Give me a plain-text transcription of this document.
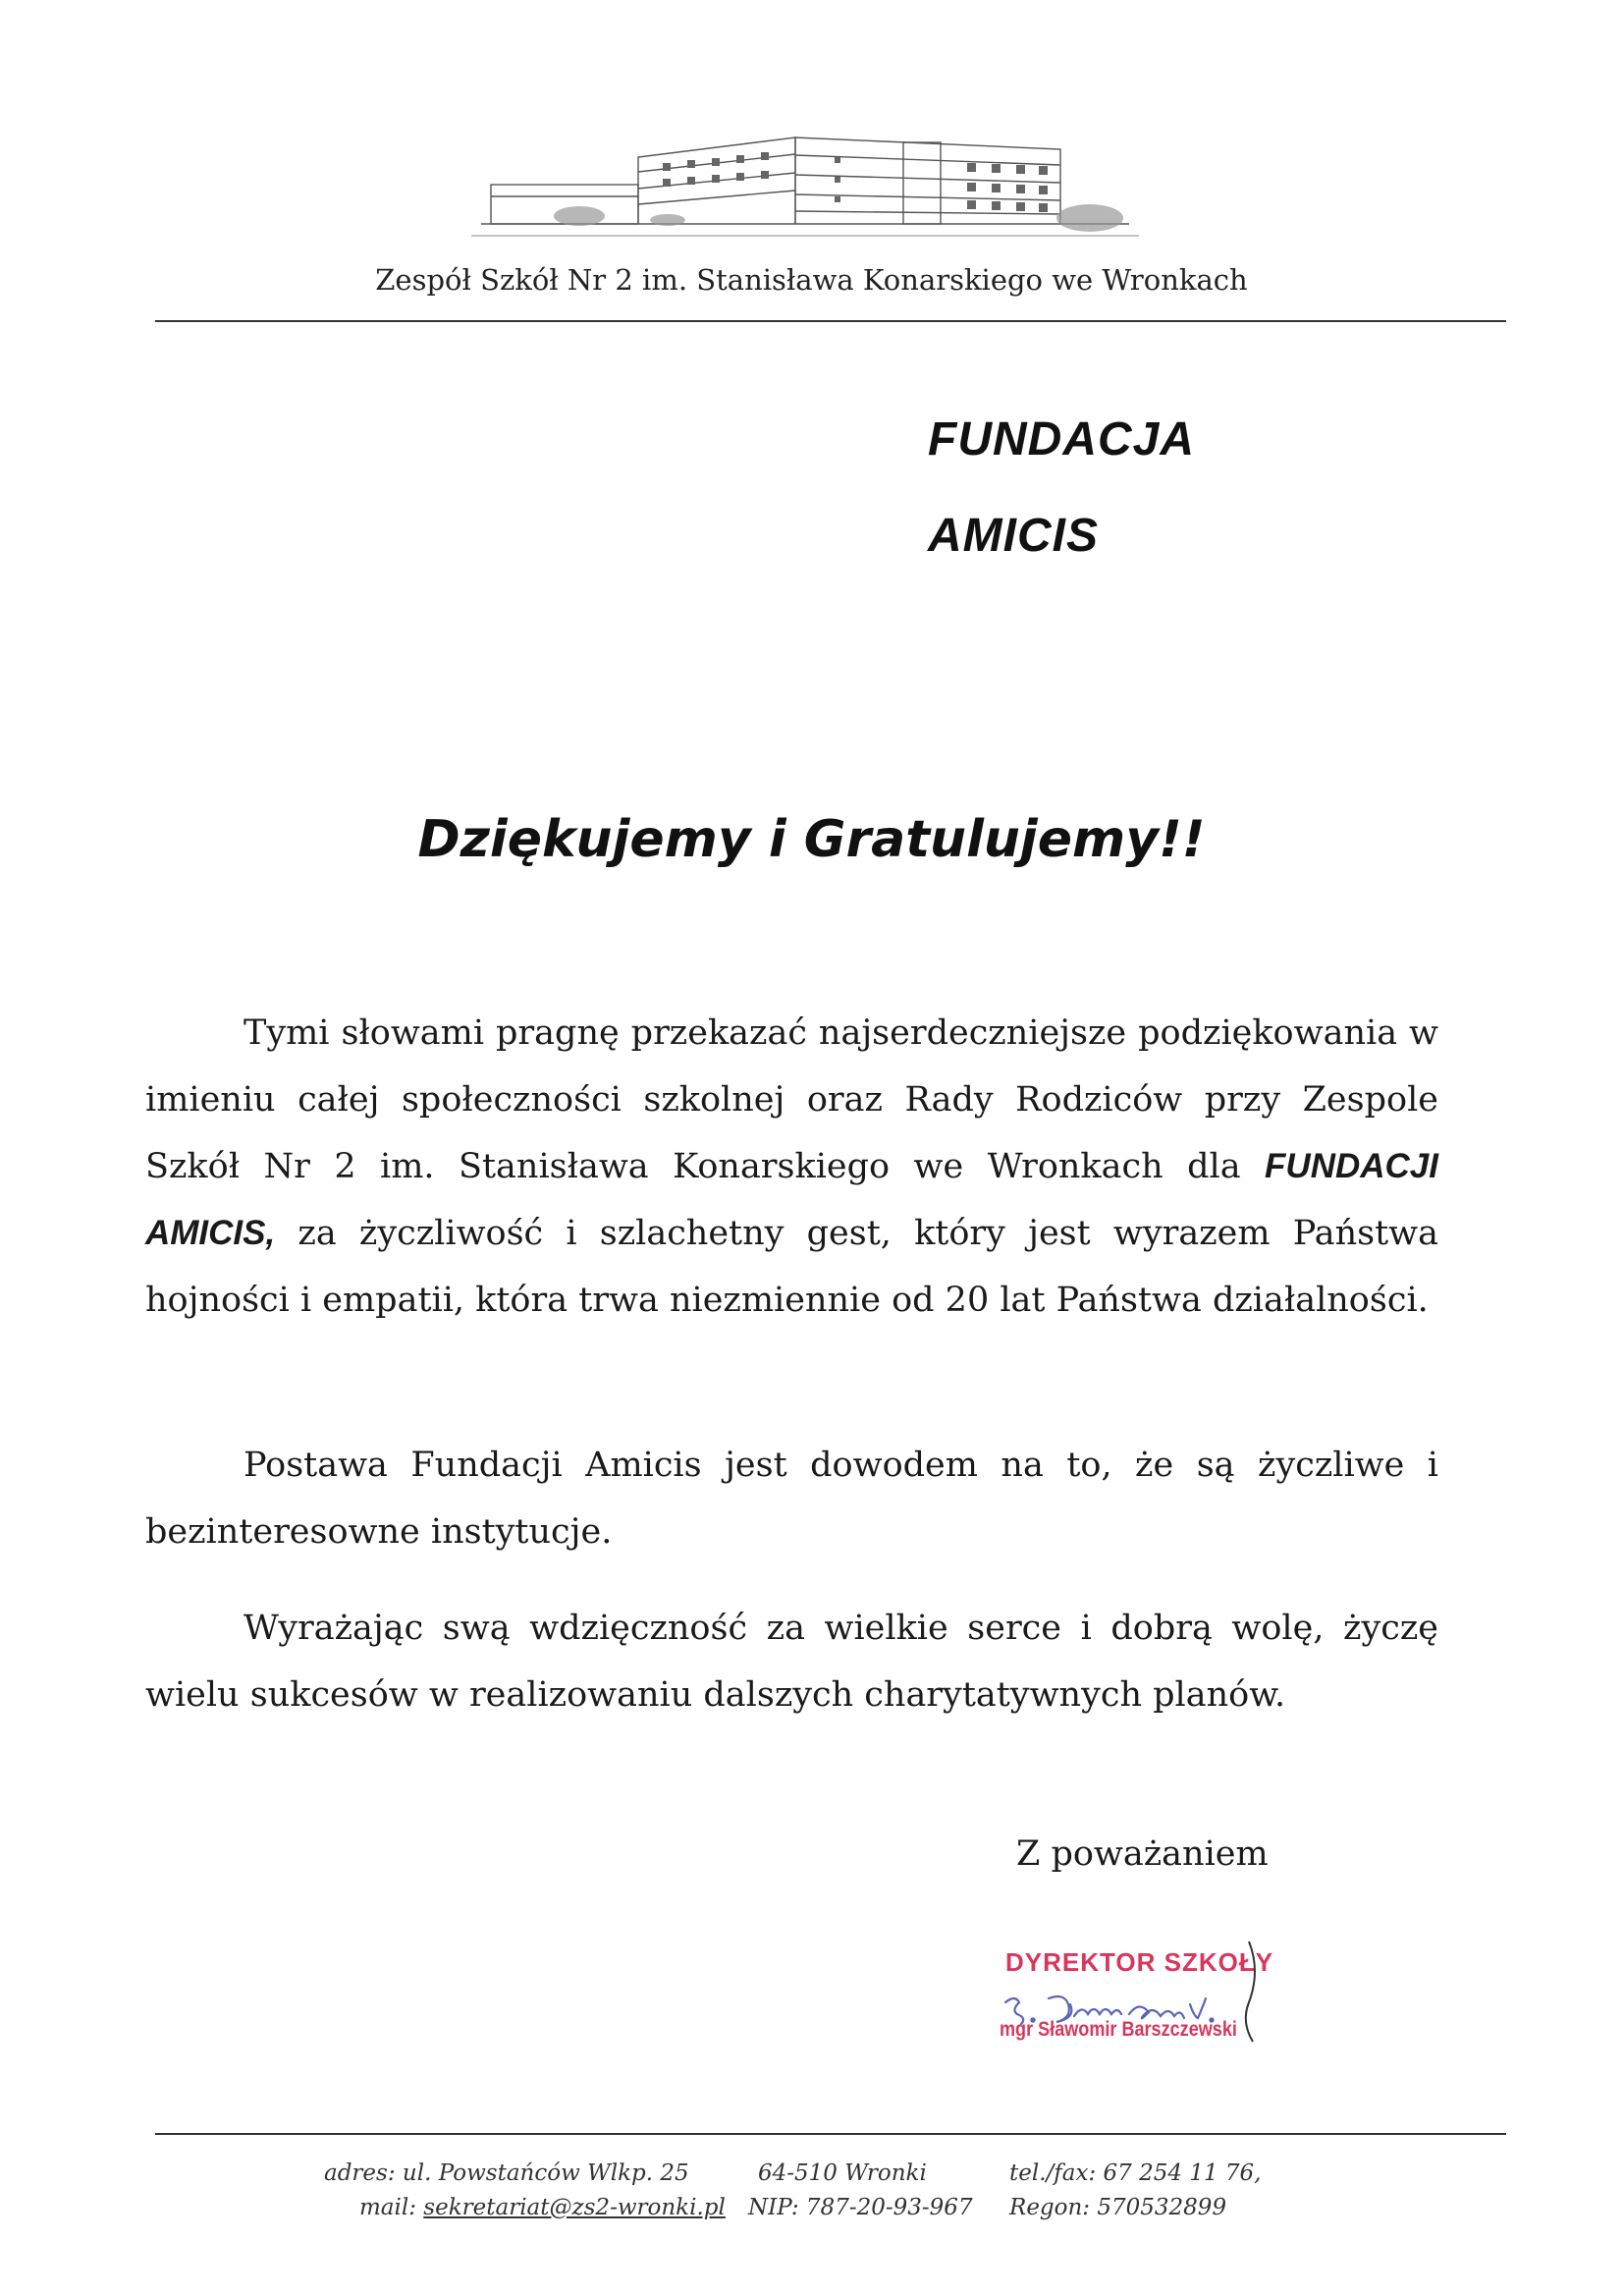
Zespół Szkół Nr 2 im. Stanisława Konarskiego we Wronkach
FUNDACJA
AMICIS
Dziękujemy i Gratulujemy!!

Tymi słowami pragnę przekazać najserdeczniejsze podziękowania w imieniu całej społeczności szkolnej oraz Rady Rodziców przy Zespole Szkół Nr 2 im. Stanisława Konarskiego we Wronkach dla FUNDACJI AMICIS, za życzliwość i szlachetny gest, który jest wyrazem Państwa hojności i empatii, która trwa niezmiennie od 20 lat Państwa działalności.

Postawa Fundacji Amicis jest dowodem na to, że są życzliwe i bezinteresowne instytucje.

Wyrażając swą wdzięczność za wielkie serce i dobrą wolę, życzę wielu sukcesów w realizowaniu dalszych charytatywnych planów.

Z poważaniem
DYREKTOR SZKOŁY
mgr Sławomir Barszczewski
adres: ul. Powstańców Wlkp. 25
mail: sekretariat@zs2-wronki.pl
64-510 Wronki
NIP: 787-20-93-967
tel./fax: 67 254 11 76,
Regon: 570532899
